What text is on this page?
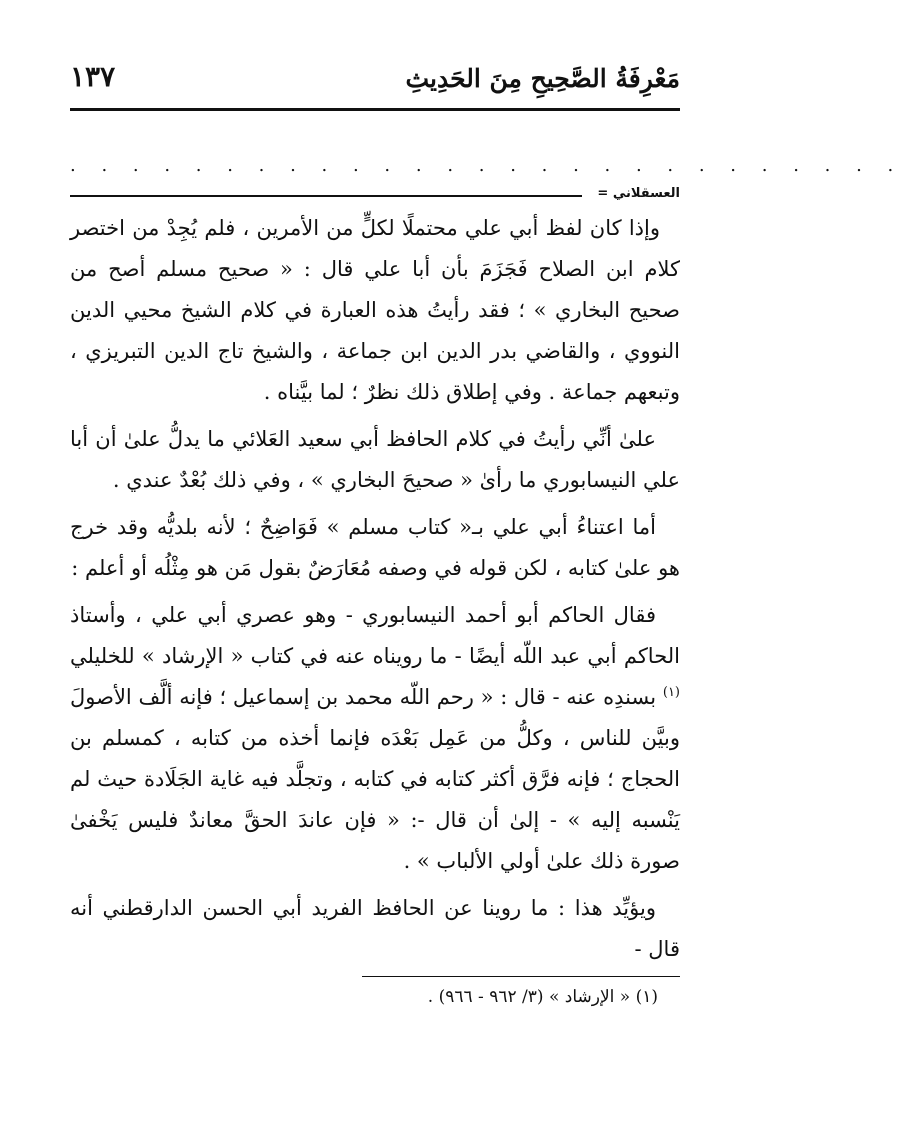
مَعْرِفَةُ الصَّحِيحِ مِنَ الحَدِيثِ
١٣٧
. . . . . . . . . . . . . . . . . . . . . . . . . . .
العسقلاني =

وإذا كان لفظ أبي علي محتملًا لكلٍّ من الأمرين ، فلم يُجِدْ من اختصر كلام ابن الصلاح فَجَزَمَ بأن أبا علي قال : « صحيح مسلم أصح من صحيح البخاري » ؛ فقد رأيتُ هذه العبارة في كلام الشيخ محيي الدين النووي ، والقاضي بدر الدين ابن جماعة ، والشيخ تاج الدين التبريزي ، وتبعهم جماعة . وفي إطلاق ذلك نظرٌ ؛ لما بيَّناه .

علىٰ أنِّي رأيتُ في كلام الحافظ أبي سعيد العَلائي ما يدلُّ علىٰ أن أبا علي النيسابوري ما رأىٰ « صحيحَ البخاري » ، وفي ذلك بُعْدٌ عندي .

أما اعتناءُ أبي علي بـ« كتاب مسلم » فَوَاضِحٌ ؛ لأنه بلديُّه وقد خرج هو علىٰ كتابه ، لكن قوله في وصفه مُعَارَضٌ بقول مَن هو مِثْلُه أو أعلم :

فقال الحاكم أبو أحمد النيسابوري - وهو عصري أبي علي ، وأستاذ الحاكم أبي عبد اللّه أيضًا - ما رويناه عنه في كتاب « الإرشاد » للخليلي $^{(١)}$ بسندِه عنه - قال : « رحم اللّه محمد بن إسماعيل ؛ فإنه ألَّف الأصولَ وبيَّن للناس ، وكلُّ من عَمِل بَعْدَه فإنما أخذه من كتابه ، كمسلم بن الحجاج ؛ فإنه فرَّق أكثر كتابه في كتابه ، وتجلَّد فيه غاية الجَلَادة حيث لم يَنْسبه إليه » - إلىٰ أن قال -: « فإن عاندَ الحقَّ معاندٌ فليس يَخْفىٰ صورة ذلك علىٰ أولي الألباب » .

ويؤيِّد هذا : ما روينا عن الحافظ الفريد أبي الحسن الدارقطني أنه قال -

(١) « الإرشاد » (٣/ ٩٦٢ - ٩٦٦) .
